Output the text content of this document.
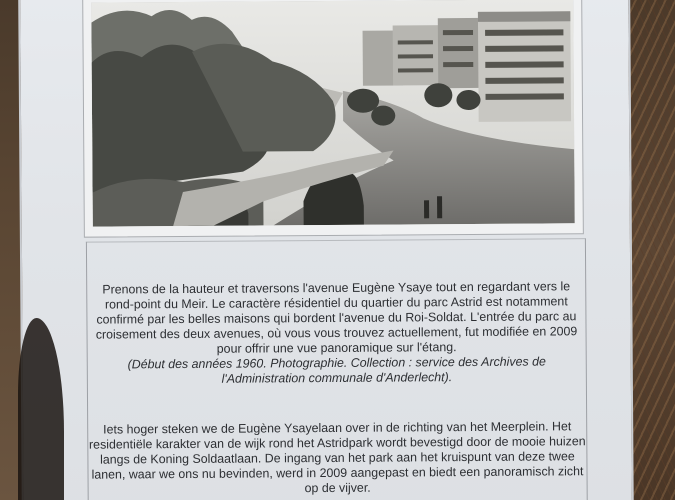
Prenons de la hauteur et traversons l'avenue Eugène Ysaye tout en regardant vers le rond-point du Meir. Le caractère résidentiel du quartier du parc Astrid est notamment confirmé par les belles maisons qui bordent l'avenue du Roi-Soldat. L'entrée du parc au croisement des deux avenues, où vous vous trouvez actuellement, fut modifiée en 2009 pour offrir une vue panoramique sur l'étang.

(Début des années 1960. Photographie. Collection : service des Archives de l'Administration communale d'Anderlecht).

Iets hoger steken we de Eugène Ysayelaan over in de richting van het Meerplein. Het residentiële karakter van de wijk rond het Astridpark wordt bevestigd door de mooie huizen langs de Koning Soldaatlaan. De ingang van het park aan het kruispunt van deze twee lanen, waar we ons nu bevinden, werd in 2009 aangepast en biedt een panoramisch zicht op de vijver.
